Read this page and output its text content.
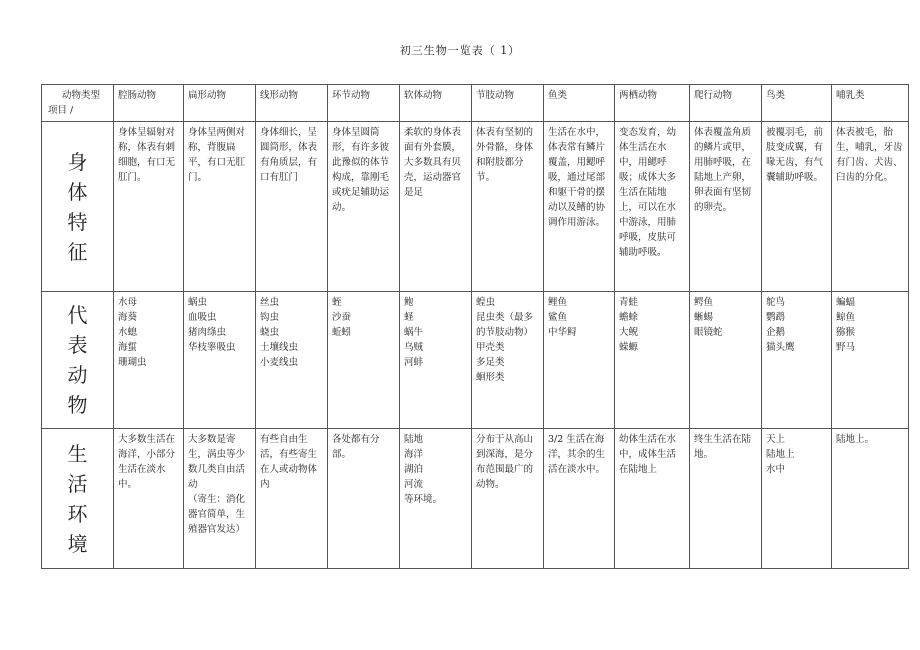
初三生物一览表（ 1）
动物类型
项目 /	腔肠动物	扁形动物	线形动物	环节动物	软体动物	节肢动物	鱼类	两栖动物	爬行动物	鸟类	哺乳类

身
体
特
征	身体呈辐射对称，体表有刺细胞，有口无肛门。	身体呈两侧对称，背腹扁平，有口无肛门。	身体细长，呈圆筒形，体表有角质层，有口有肛门	身体呈圆筒形，有许多彼此豫似的体节构成，靠刚毛或疣足辅助运动。	柔软的身体表面有外套膜，大多数具有贝壳，运动器官是足	体表有坚韧的外骨骼，身体和附肢都分节。	生活在水中，体表常有鳞片覆盖，用鳃呼吸，通过尾部和躯干骨的摆动以及鳍的协调作用游泳。	变态发育，幼体生活在水中，用鳃呼吸；成体大多生活在陆地上，可以在水中游泳，用肺呼吸，皮肤可辅助呼吸。	体表覆盖角质的鳞片或甲，用肺呼吸，在陆地上产卵，卵表面有坚韧的卵壳。	被覆羽毛，前肢变成翼，有喙无齿，有气囊辅助呼吸。	体表被毛，胎生，哺乳，牙齿有门齿、犬齿、臼齿的分化。

代
表
动
物	水母
海葵
水螅
海蜇
珊瑚虫	蜗虫
血吸虫
猪肉绦虫
华枝睾吸虫	丝虫
钩虫
蛲虫
土壤线虫
小麦线虫	蛭
沙蚕
蚯蚓	鲍
蛏
蜗牛
乌贼
河蚌	蝗虫
昆虫类（最多的节肢动物）
甲壳类
多足类
蛔形类	鲤鱼
鲨鱼
中华鲟	青蛙
蟾蜍
大鲵
蝾螈	鳄鱼
蜥蜴
眼镜蛇	鸵鸟
鹦鹉
企鹅
猫头鹰	蝙蝠
鲸鱼
猕猴
野马

生
活
环
境	大多数生活在海洋，小部分生活在淡水中。	大多数是寄生，涡虫等少数几类自由活动
（寄生：消化器官简单，生殖器官发达）	有些自由生活，有些寄生在人或动物体内	各处都有分部。	陆地
海洋
湖泊
河流
等环境。	分布于从高山到深海，是分布范围最广的动物。	3/2 生活在海洋，其余的生活在淡水中。	幼体生活在水中，成体生活在陆地上	终生生活在陆地。	天上
陆地上
水中	陆地上。
